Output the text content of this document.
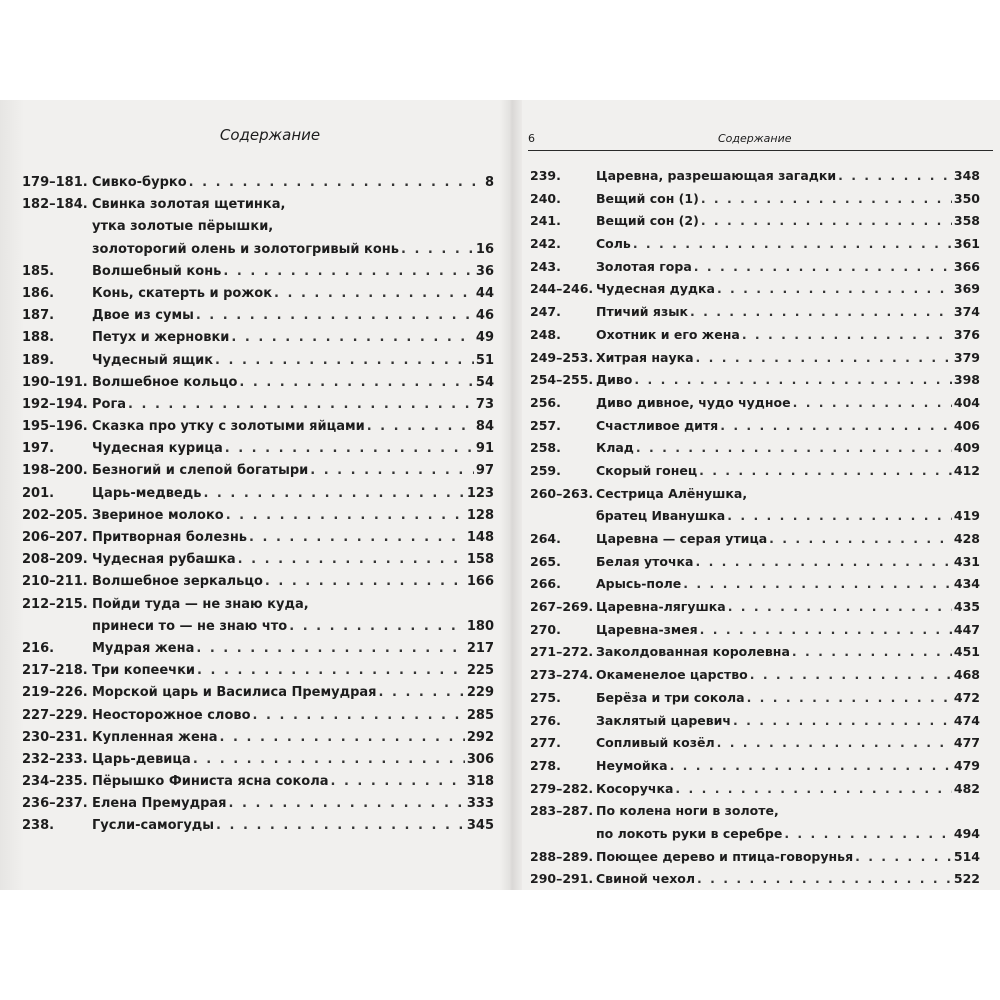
Содержание	6	Содержание
179–181. Сивко-бурко . . .	8
182–184. Свинка золотая щетинка,
утка золотые пёрышки,
золоторогий олень и золотогривый конь . . .	16
185.	Волшебный конь . . .	36
186.	Конь, скатерть и рожок . . .	44
187.	Двое из сумы . . .	46
188.	Петух и жерновки . . .	49
189.	Чудесный ящик . . .	51
190–191. Волшебное кольцо . . .	54
192–194. Рога . . .	73
195–196. Сказка про утку с золотыми яйцами . . .	84
197.	Чудесная курица . . .	91
198–200. Безногий и слепой богатыри . . .	97
201.	Царь-медведь . . .	123
202–205. Звериное молоко . . .	128
206–207. Притворная болезнь . . .	148
208–209. Чудесная рубашка . . .	158
210–211. Волшебное зеркальцо . . .	166
212–215. Пойди туда — не знаю куда,
принеси то — не знаю что . . .	180
216.	Мудрая жена . . .	217
217–218. Три копеечки . . .	225
219–226. Морской царь и Василиса Премудрая . . .	229
227–229. Неосторожное слово . . .	285
230–231. Купленная жена . . .	292
232–233. Царь-девица . . .	306
234–235. Пёрышко Финиста ясна сокола . . .	318
236–237. Елена Премудрая . . .	333
238.	Гусли-самогуды . . .	345
239.	Царевна, разрешающая загадки . . .	348
240.	Вещий сон (1) . . .	350
241.	Вещий сон (2) . . .	358
242.	Соль . . .	361
243.	Золотая гора . . .	366
244–246. Чудесная дудка . . .	369
247.	Птичий язык . . .	374
248.	Охотник и его жена . . .	376
249–253. Хитрая наука . . .	379
254–255. Диво . . .	398
256.	Диво дивное, чудо чудное . . .	404
257.	Счастливое дитя . . .	406
258.	Клад . . .	409
259.	Скорый гонец . . .	412
260–263. Сестрица Алёнушка,
братец Иванушка . . .	419
264.	Царевна — серая утица . . .	428
265.	Белая уточка . . .	431
266.	Арысь-поле . . .	434
267–269. Царевна-лягушка . . .	435
270.	Царевна-змея . . .	447
271–272. Заколдованная королевна . . .	451
273–274. Окаменелое царство . . .	468
275.	Берёза и три сокола . . .	472
276.	Заклятый царевич . . .	474
277.	Сопливый козёл . . .	477
278.	Неумойка . . .	479
279–282. Косоручка . . .	482
283–287. По колена ноги в золоте,
по локоть руки в серебре . . .	494
288–289. Поющее дерево и птица-говорунья . . .	514
290–291. Свиной чехол . . .	522
